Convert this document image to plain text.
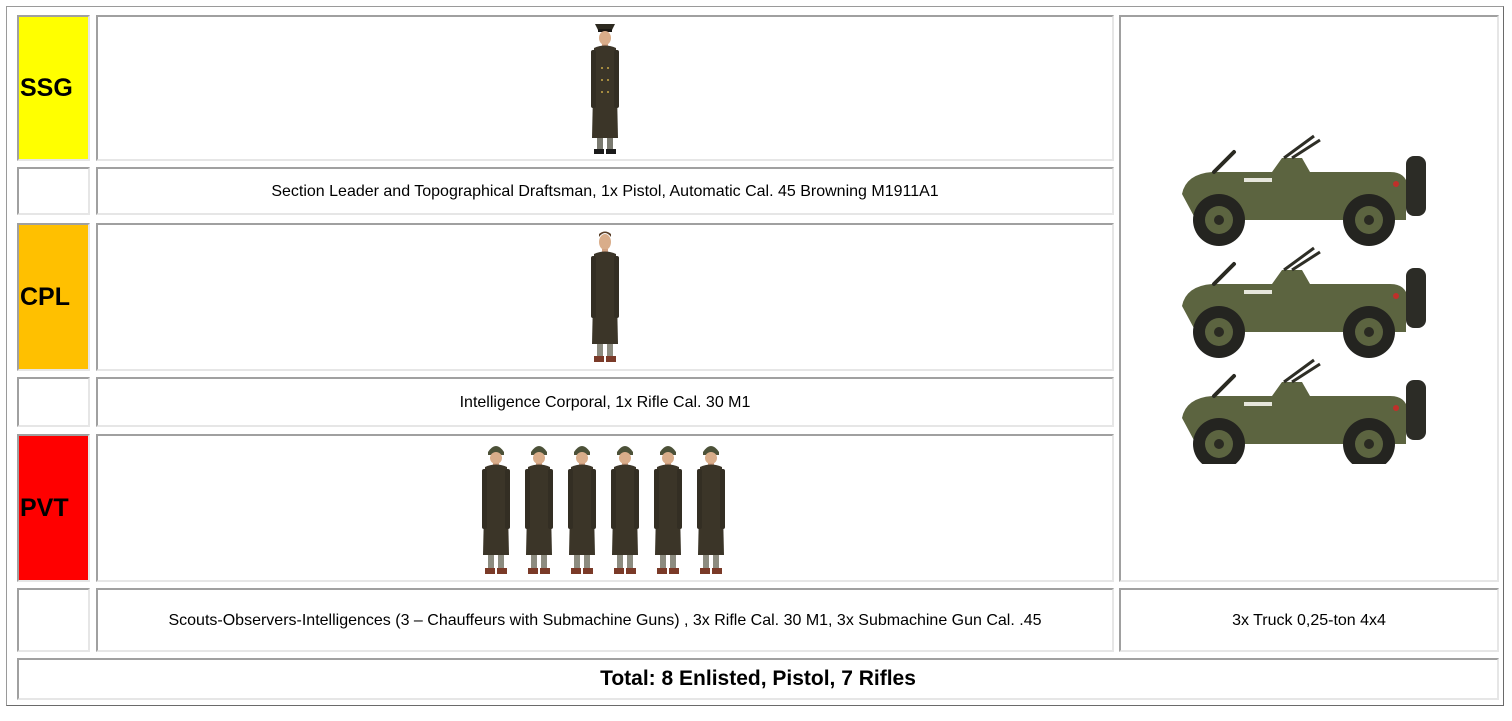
SSG
Section Leader and Topographical Draftsman, 1x Pistol, Automatic Cal. 45 Browning M1911A1
CPL
Intelligence Corporal, 1x Rifle Cal. 30 M1
PVT
Scouts-Observers-Intelligences (3 – Chauffeurs with Submachine Guns) , 3x Rifle Cal. 30 M1, 3x Submachine Gun Cal. .45	3x Truck 0,25-ton 4x4
Total: 8 Enlisted, Pistol, 7 Rifles
